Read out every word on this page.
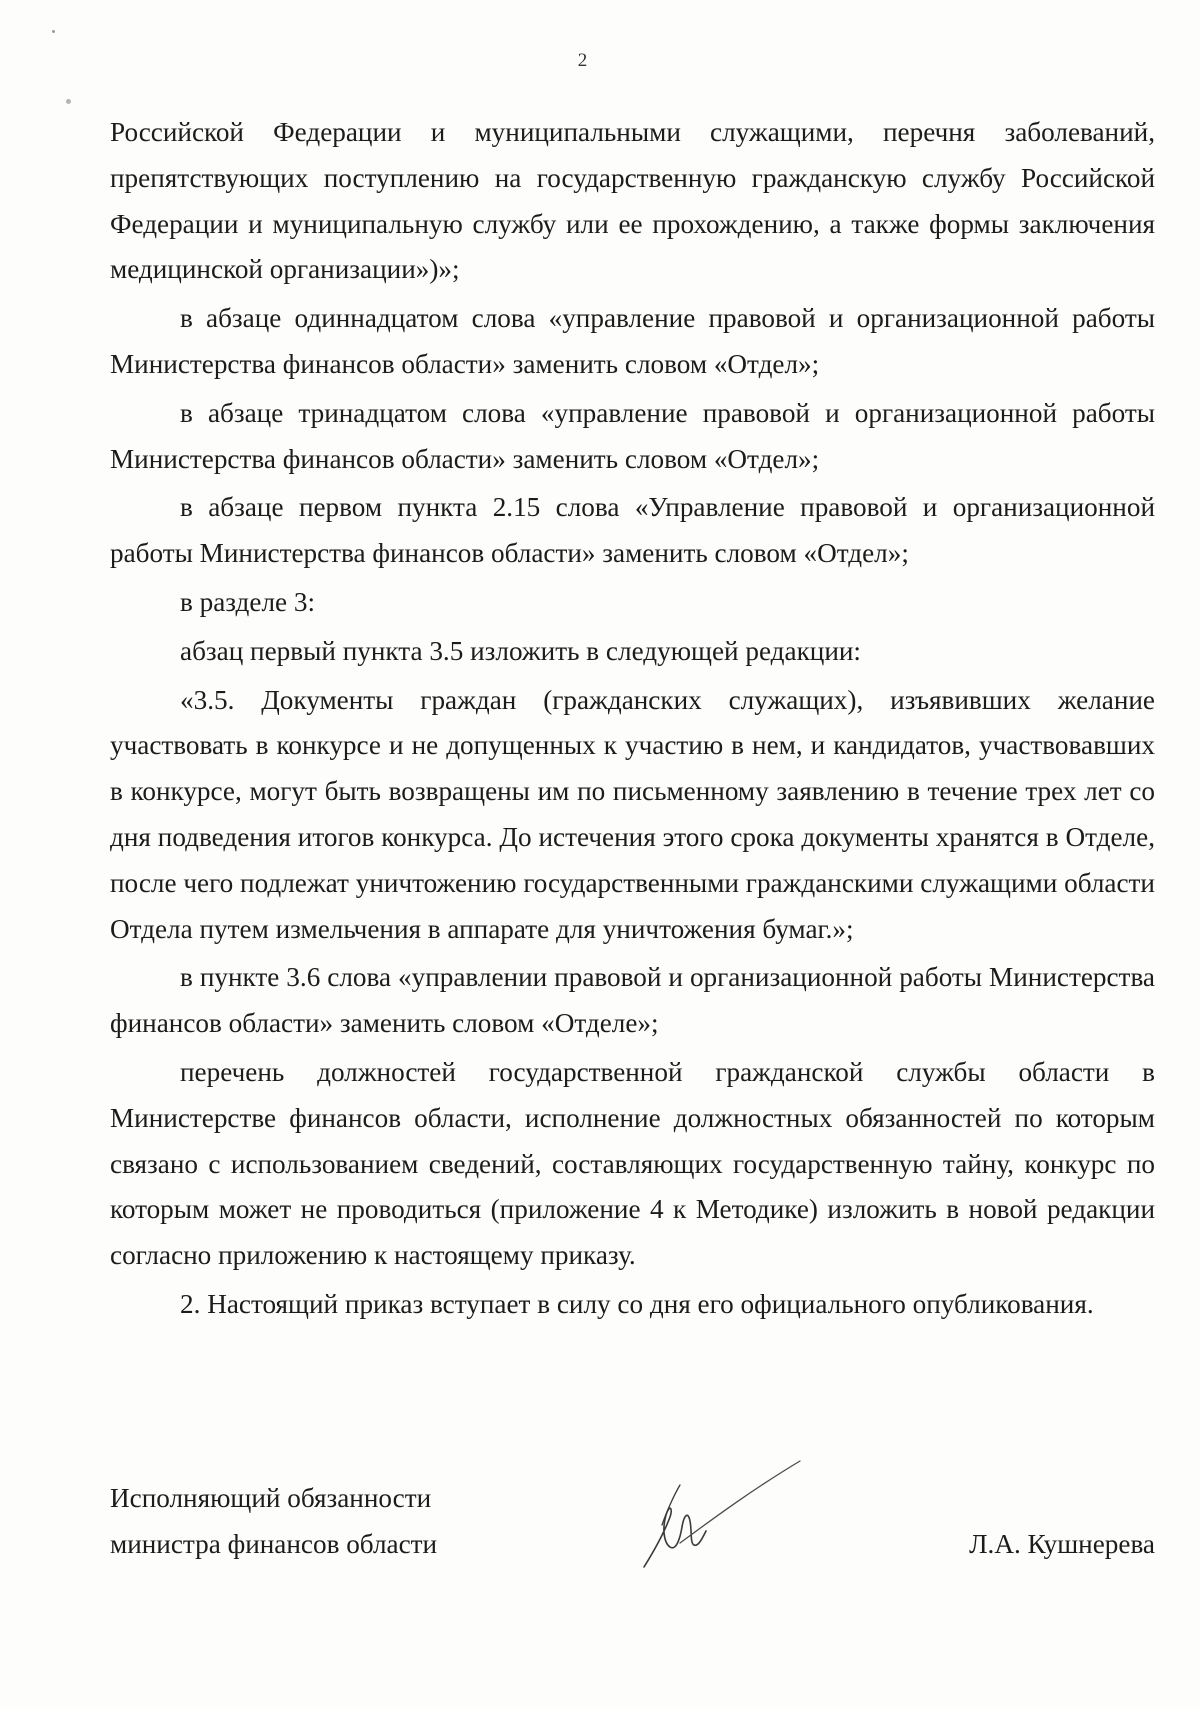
2

Российской Федерации и муниципальными служащими, перечня заболеваний, препятствующих поступлению на государственную гражданскую службу Российской Федерации и муниципальную службу или ее прохождению, а также формы заключения медицинской организации»)»;

в абзаце одиннадцатом слова «управление правовой и организационной работы Министерства финансов области» заменить словом «Отдел»;

в абзаце тринадцатом слова «управление правовой и организационной работы Министерства финансов области» заменить словом «Отдел»;

в абзаце первом пункта 2.15 слова «Управление правовой и организационной работы Министерства финансов области» заменить словом «Отдел»;

в разделе 3:

абзац первый пункта 3.5 изложить в следующей редакции:

«3.5. Документы граждан (гражданских служащих), изъявивших желание участвовать в конкурсе и не допущенных к участию в нем, и кандидатов, участвовавших в конкурсе, могут быть возвращены им по письменному заявлению в течение трех лет со дня подведения итогов конкурса. До истечения этого срока документы хранятся в Отделе, после чего подлежат уничтожению государственными гражданскими служащими области Отдела путем измельчения в аппарате для уничтожения бумаг.»;

в пункте 3.6 слова «управлении правовой и организационной работы Министерства финансов области» заменить словом «Отделе»;

перечень должностей государственной гражданской службы области в Министерстве финансов области, исполнение должностных обязанностей по которым связано с использованием сведений, составляющих государственную тайну, конкурс по которым может не проводиться (приложение 4 к Методике) изложить в новой редакции согласно приложению к настоящему приказу.

2. Настоящий приказ вступает в силу со дня его официального опубликования.

Исполняющий обязанности
министра финансов области	Л.А. Кушнерева
